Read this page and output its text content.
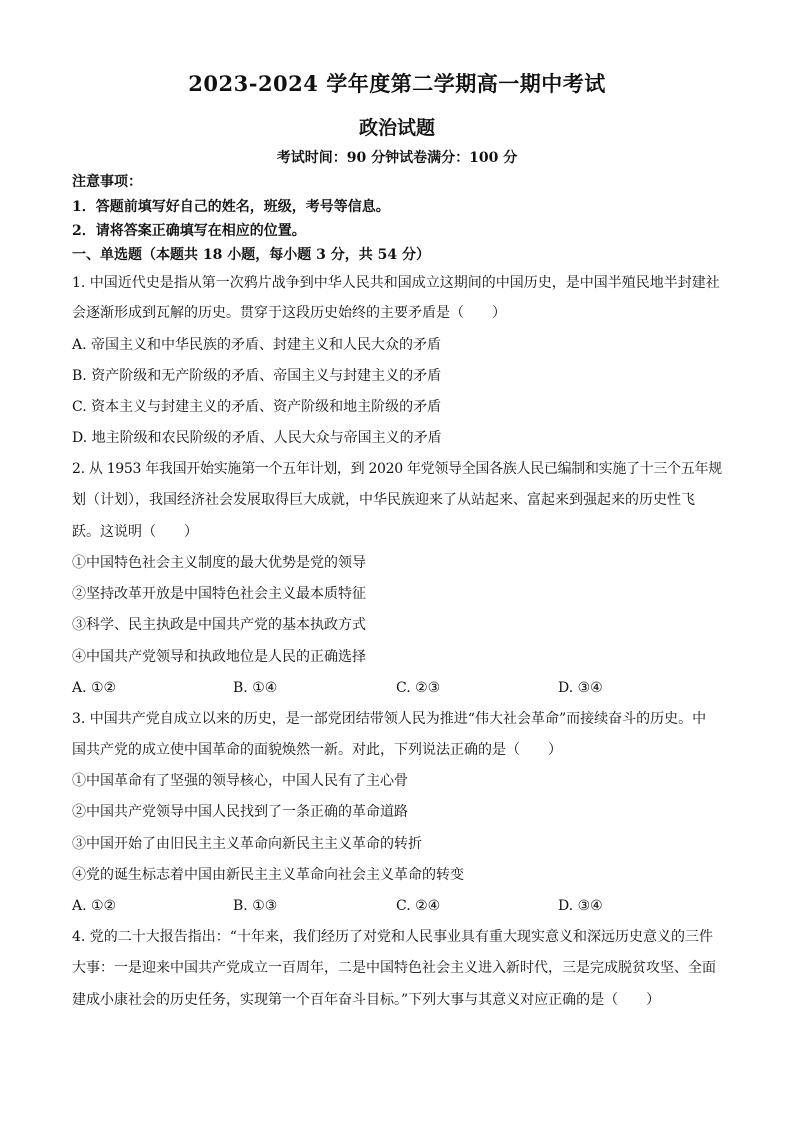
2023-2024 学年度第二学期高一期中考试
政治试题
考试时间：90 分钟试卷满分：100 分
注意事项：
1．答题前填写好自己的姓名，班级，考号等信息。
2．请将答案正确填写在相应的位置。
一、单选题（本题共 18 小题，每小题 3 分，共 54 分）
1. 中国近代史是指从第一次鸦片战争到中华人民共和国成立这期间的中国历史，是中国半殖民地半封建社
会逐渐形成到瓦解的历史。贯穿于这段历史始终的主要矛盾是（　　）
A. 帝国主义和中华民族的矛盾、封建主义和人民大众的矛盾
B. 资产阶级和无产阶级的矛盾、帝国主义与封建主义的矛盾
C. 资本主义与封建主义的矛盾、资产阶级和地主阶级的矛盾
D. 地主阶级和农民阶级的矛盾、人民大众与帝国主义的矛盾
2. 从 1953 年我国开始实施第一个五年计划，到 2020 年党领导全国各族人民已编制和实施了十三个五年规
划（计划），我国经济社会发展取得巨大成就，中华民族迎来了从站起来、富起来到强起来的历史性飞
跃。这说明（　　）
①中国特色社会主义制度的最大优势是党的领导
②坚持改革开放是中国特色社会主义最本质特征
③科学、民主执政是中国共产党的基本执政方式
④中国共产党领导和执政地位是人民的正确选择
A. ①②	B. ①④	C. ②③	D. ③④
3. 中国共产党自成立以来的历史，是一部党团结带领人民为推进“伟大社会革命”而接续奋斗的历史。中
国共产党的成立使中国革命的面貌焕然一新。对此，下列说法正确的是（　　）
①中国革命有了坚强的领导核心，中国人民有了主心骨
②中国共产党领导中国人民找到了一条正确的革命道路
③中国开始了由旧民主主义革命向新民主主义革命的转折
④党的诞生标志着中国由新民主主义革命向社会主义革命的转变
A. ①②	B. ①③	C. ②④	D. ③④
4. 党的二十大报告指出：“十年来，我们经历了对党和人民事业具有重大现实意义和深远历史意义的三件
大事：一是迎来中国共产党成立一百周年，二是中国特色社会主义进入新时代，三是完成脱贫攻坚、全面
建成小康社会的历史任务，实现第一个百年奋斗目标。”下列大事与其意义对应正确的是（　　）
